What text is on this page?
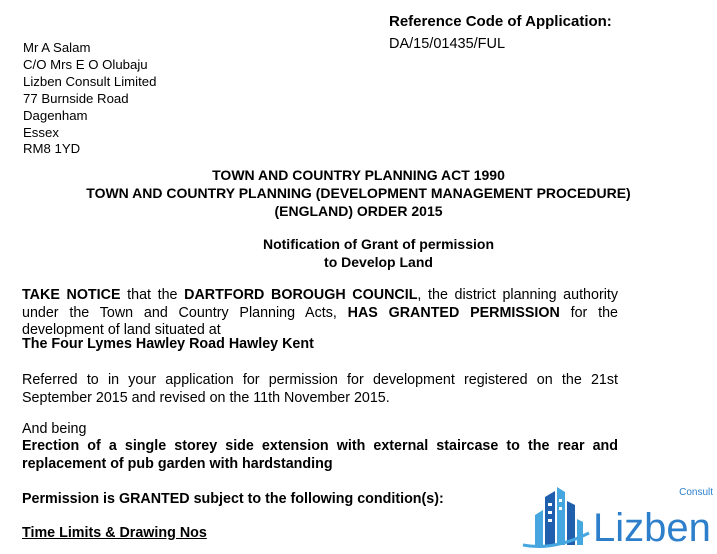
Reference Code of Application:
DA/15/01435/FUL
Mr A Salam
C/O Mrs E O Olubaju
Lizben Consult Limited
77 Burnside Road
Dagenham
Essex
RM8 1YD
TOWN AND COUNTRY PLANNING ACT 1990
TOWN AND COUNTRY PLANNING (DEVELOPMENT MANAGEMENT PROCEDURE)
(ENGLAND) ORDER 2015
Notification of Grant of permission
to Develop Land
TAKE NOTICE that the DARTFORD BOROUGH COUNCIL, the district planning authority under the Town and Country Planning Acts, HAS GRANTED PERMISSION for the development of land situated at
The Four Lymes Hawley Road Hawley Kent
Referred to in your application for permission for development registered on the 21st September 2015 and revised on the 11th November 2015.
And being
Erection of a single storey side extension with external staircase to the rear and replacement of pub garden with hardstanding
Permission is GRANTED subject to the following condition(s):
Time Limits & Drawing Nos	Lizben
Consult
